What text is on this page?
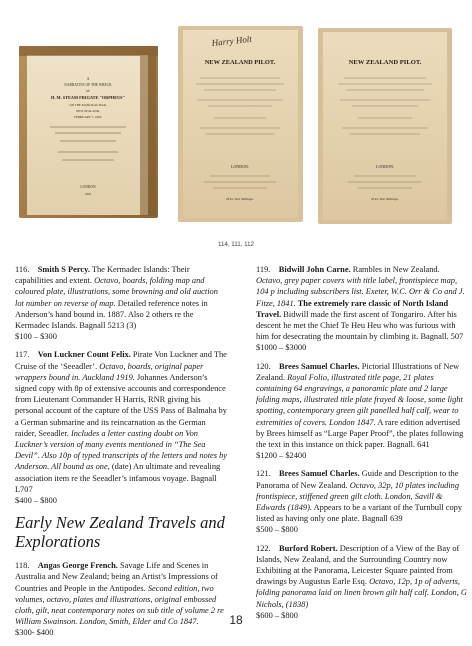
A
NARRATIVE OF THE WRECK
OF
H. M. STEAM FRIGATE "ORPHEUS"
ON THE MANUKAU BAR,
NEW ZEALAND,
FEBRUARY 7, 1863.
LONDON
1863
Harry Holt
NEW ZEALAND PILOT.
LONDON:
Price Two Shillings.
NEW ZEALAND PILOT.
LONDON:
Price Two Shillings.
114, 111, 112

116. Smith S Percy. The Kermadec Islands: Their capabilities and extent. Octavo, boards, folding map and coloured plate, illustrations, some browning and old auction lot number on reverse of map. Detailed reference notes in Anderson’s hand bound in. 1887. Also 2 others re the Kermadec Islands. Bagnall 5213 (3)

$100 – $300

117. Von Luckner Count Felix. Pirate Von Luckner and The Cruise of the ‘Seeadler’. Octavo, boards, original paper wrappers bound in. Auckland 1919. Johannes Anderson’s signed copy with 8p of extensive accounts and correspondence from Lieutenant Commander H Harris, RNR giving his personal account of the capture of the USS Pass of Balmaha by a German submarine and its reincarnation as the German raider, Seeadler. Includes a letter casting doubt on Von Luckner’s version of many events mentioned in “The Sea Devil”. Also 10p of typed transcripts of the letters and notes by Anderson. All bound as one, (date) An ultimate and revealing association item re the Seeadler’s infamous voyage. Bagnall L707

$400 – $800

Early New Zealand Travels and Explorations

118. Angas George French. Savage Life and Scenes in Australia and New Zealand; being an Artist’s Impressions of Countries and People in the Antipodes. Second edition, two volumes, octavo, plates and illustrations, original embossed cloth, gilt, neat contemporary notes on sub title of volume 2 re William Swainson. London, Smith, Elder and Co 1847.

$300- $400

119. Bidwill John Carne. Rambles in New Zealand. Octavo, grey paper covers with title label, frontispiece map, 104 p including subscribers list. Exeter, W.C. Orr & Co and J. Fitze, 1841. The extremely rare classic of North Island Travel. Bidwill made the first ascent of Tongariro. After his descent he met the Chief Te Heu Heu who was furious with him for desecrating the mountain by climbing it. Bagnall. 507

$1000 – $3000

120. Brees Samuel Charles. Pictorial Illustrations of New Zealand. Royal Folio, illustrated title page, 21 plates containing 64 engravings, a panoramic plate and 2 large folding maps, illustrated title plate frayed & loose, some light spotting, contemporary green gilt panelled half calf, wear to extremities of covers. London 1847. A rare edition advertised by Brees himself as “Large Paper Proof”, the plates following the text in this instance on thick paper. Bagnall. 641

$1200 – $2400

121. Brees Samuel Charles. Guide and Description to the Panorama of New Zealand. Octavo, 32p, 10 plates including frontispiece, stiffened green gilt cloth. London, Savill & Edwards (1849). Appears to be a variant of the Turnbull copy listed as having only one plate. Bagnall 639

$500 – $800

122. Burford Robert. Description of a View of the Bay of Islands, New Zealand, and the Surrounding Country now Exhibiting at the Panorama, Leicester Square painted from drawings by Augustus Earle Esq. Octavo, 12p, 1p of adverts, folding panorama laid on linen brown gilt half calf. London, G Nichols, (1838)

$600 – $800

18
